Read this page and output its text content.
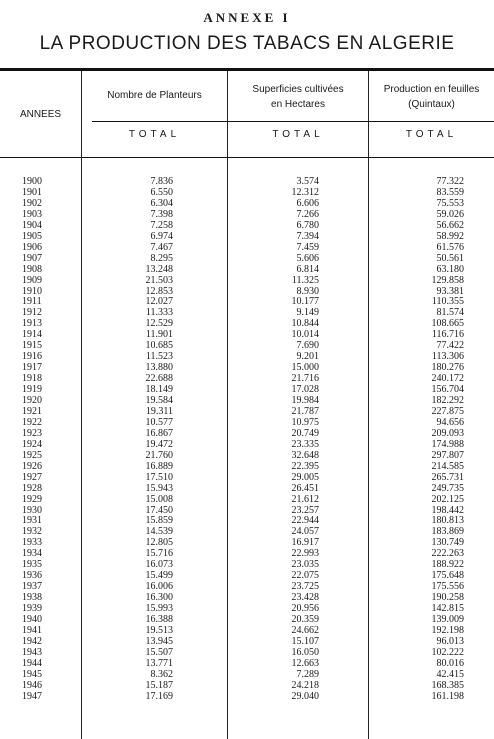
ANNEXE I
LA PRODUCTION DES TABACS EN ALGERIE
ANNEES
Nombre de Planteurs
Superficies cultivées
en Hectares
Production en feuilles
(Quintaux)
TOTAL	TOTAL	TOTAL
1900	7.836	3.574	77.322
1901	6.550	12.312	83.559
1902	6.304	6.606	75.553
1903	7.398	7.266	59.026
1904	7.258	6.780	56.662
1905	6.974	7.394	58.992
1906	7.467	7.459	61.576
1907	8.295	5.606	50.561
1908	13.248	6.814	63.180
1909	21.503	11.325	129.858
1910	12.853	8.930	93.381
1911	12.027	10.177	110.355
1912	11.333	9.149	81.574
1913	12.529	10.844	108.665
1914	11.901	10.014	116.716
1915	10.685	7.690	77.422
1916	11.523	9.201	113.306
1917	13.880	15.000	180.276
1918	22.688	21.716	240.172
1919	18.149	17.028	156.704
1920	19.584	19.984	182.292
1921	19.311	21.787	227.875
1922	10.577	10.975	94.656
1923	16.867	20.749	209.093
1924	19.472	23.335	174.988
1925	21.760	32.648	297.807
1926	16.889	22.395	214.585
1927	17.510	29.005	265.731
1928	15.943	26.451	249.735
1929	15.008	21.612	202.125
1930	17.450	23.257	198.442
1931	15.859	22.944	180.813
1932	14.539	24.057	183.869
1933	12.805	16.917	130.749
1934	15.716	22.993	222.263
1935	16.073	23.035	188.922
1936	15.499	22.075	175.648
1937	16.006	23.725	175.556
1938	16.300	23.428	190.258
1939	15.993	20.956	142.815
1940	16.388	20.359	139.009
1941	19.513	24.662	192.198
1942	13.945	15.107	96.013
1943	15.507	16.050	102.222
1944	13.771	12.663	80.016
1945	8.362	7.289	42.415
1946	15.187	24.218	168.385
1947	17.169	29.040	161.198
